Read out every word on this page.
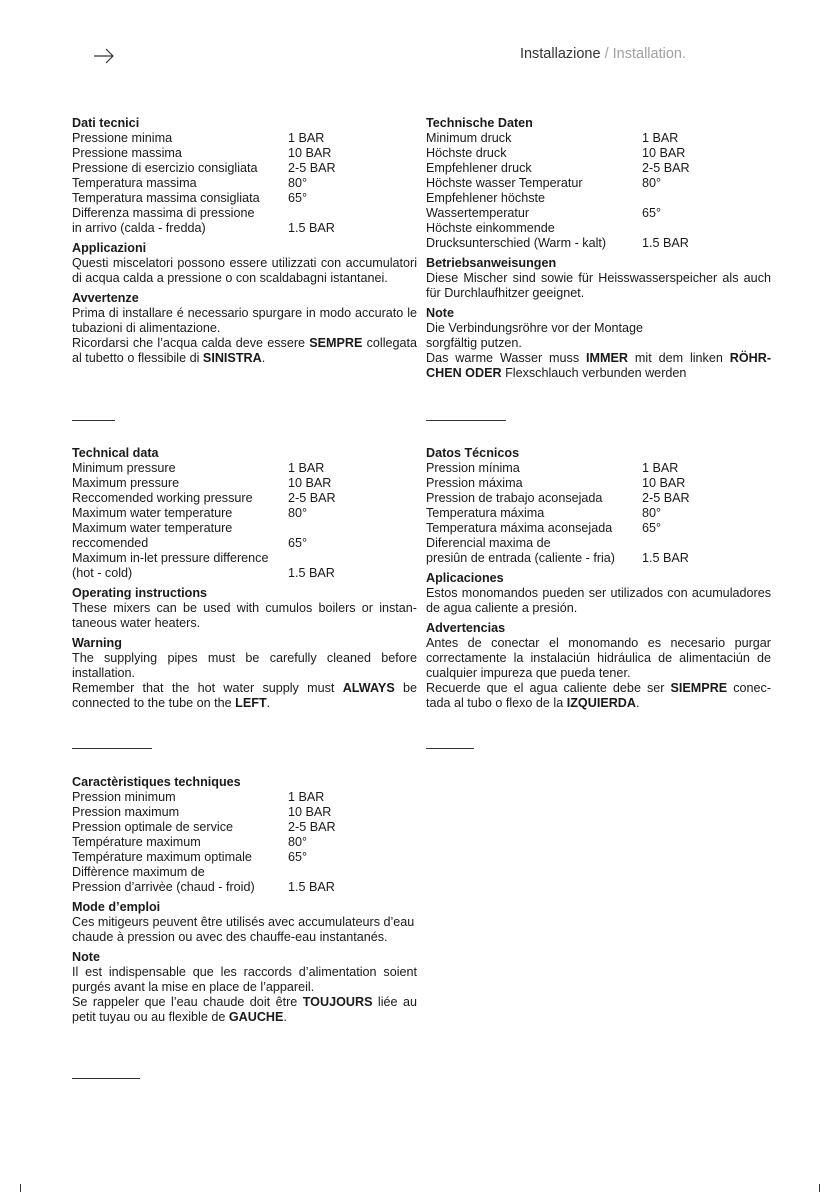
Installazione / Installation.
Dati tecnici
Pressione minima	1 BAR
Pressione massima	10 BAR
Pressione di esercizio consigliata	2-5 BAR
Temperatura massima	80°
Temperatura massima consigliata	65°
Differenza massima di pressione
in arrivo (calda - fredda)	1.5 BAR
Applicazioni
Questi miscelatori possono essere utilizzati con accumulatori di acqua calda a pressione o con scaldabagni istantanei.
Avvertenze
Prima di installare é necessario spurgare in modo accurato le tubazioni di alimentazione.
Ricordarsi che l’acqua calda deve essere SEMPRE collegata al tubetto o flessibile di SINISTRA.
Technische Daten
Minimum druck	1 BAR
Höchste druck	10 BAR
Empfehlener druck	2-5 BAR
Höchste wasser Temperatur	80°
Empfehlener höchste
Wassertemperatur	65°
Höchste einkommende
Drucksunterschied (Warm - kalt)	1.5 BAR
Betriebsanweisungen
Diese Mischer sind sowie für Heisswasserspeicher als auch für Durchlaufhitzer geeignet.
Note
Die Verbindungsröhre vor der Montage sorgfältig putzen.
Das warme Wasser muss IMMER mit dem linken RÖHR-CHEN ODER Flexschlauch verbunden werden
Technical data
Minimum pressure	1 BAR
Maximum pressure	10 BAR
Reccomended working pressure	2-5 BAR
Maximum water temperature	80°
Maximum water temperature
reccomended	65°
Maximum in-let pressure difference
(hot - cold)	1.5 BAR
Operating instructions
These mixers can be used with cumulos boilers or instan-taneous water heaters.
Warning
The supplying pipes must be carefully cleaned before installation.
Remember that the hot water supply must ALWAYS be connected to the tube on the LEFT.
Datos Técnicos
Pression mínima	1 BAR
Pression máxima	10 BAR
Pression de trabajo aconsejada	2-5 BAR
Temperatura máxima	80°
Temperatura máxima aconsejada	65°
Diferencial maxima de
presiûn de entrada (caliente - fria)	1.5 BAR
Aplicaciones
Estos monomandos pueden ser utilizados con acumuladores de agua caliente a presión.
Advertencias
Antes de conectar el monomando es necesario purgar correctamente la instalaciún hidráulica de alimentaciún de cualquier impureza que pueda tener.
Recuerde que el agua caliente debe ser SIEMPRE conec-tada al tubo o flexo de la IZQUIERDA.
Caractèristiques techniques
Pression minimum	1 BAR
Pression maximum	10 BAR
Pression optimale de service	2-5 BAR
Température maximum	80°
Température maximum optimale	65°
Diffèrence maximum de
Pression d’arrivèe (chaud - froid)	1.5 BAR
Mode d’emploi
Ces mitigeurs peuvent être utilisés avec accumulateurs d’eau chaude à pression ou avec des chauffe-eau instantanés.
Note
Il est indispensable que les raccords d’alimentation soient purgés avant la mise en place de l’appareil.
Se rappeler que l’eau chaude doit être TOUJOURS liée au petit tuyau ou au flexible de GAUCHE.
